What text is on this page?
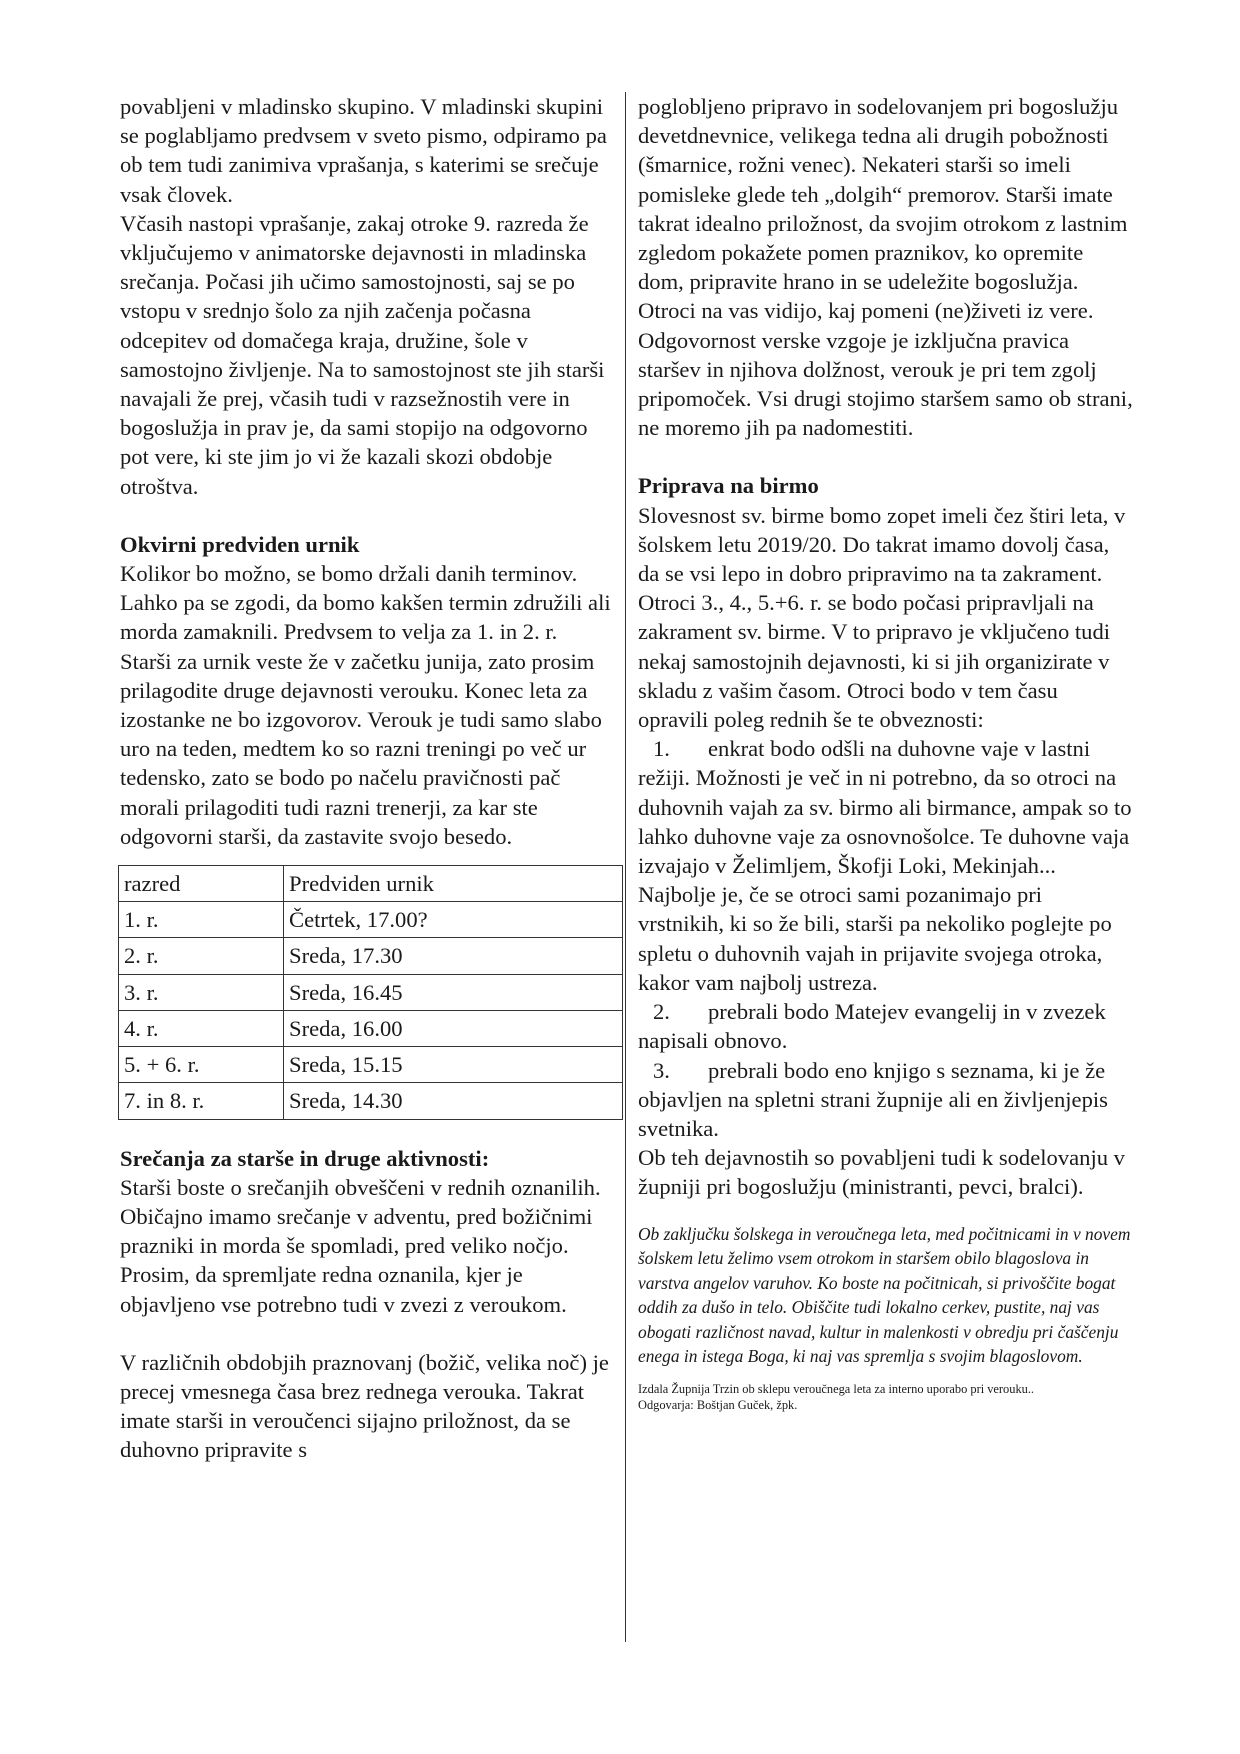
povabljeni v mladinsko skupino. V mladinski skupini se poglabljamo predvsem v sveto pismo, odpiramo pa ob tem tudi zanimiva vprašanja, s katerimi se srečuje vsak človek.

Včasih nastopi vprašanje, zakaj otroke 9. razreda že vključujemo v animatorske dejavnosti in mladinska srečanja. Počasi jih učimo samostojnosti, saj se po vstopu v srednjo šolo za njih začenja počasna odcepitev od domačega kraja, družine, šole v samostojno življenje. Na to samostojnost ste jih starši navajali že prej, včasih tudi v razsežnostih vere in bogoslužja in prav je, da sami stopijo na odgovorno pot vere, ki ste jim jo vi že kazali skozi obdobje otroštva.

Okvirni predviden urnik

Kolikor bo možno, se bomo držali danih terminov. Lahko pa se zgodi, da bomo kakšen termin združili ali morda zamaknili. Predvsem to velja za 1. in 2. r.

Starši za urnik veste že v začetku junija, zato prosim prilagodite druge dejavnosti verouku. Konec leta za izostanke ne bo izgovorov. Verouk je tudi samo slabo uro na teden, medtem ko so razni treningi po več ur tedensko, zato se bodo po načelu pravičnosti pač morali prilagoditi tudi razni trenerji, za kar ste odgovorni starši, da zastavite svojo besedo.

razred	Predviden urnik
1. r.	Četrtek, 17.00?
2. r.	Sreda, 17.30
3. r.	Sreda, 16.45
4. r.	Sreda, 16.00
5. + 6. r.	Sreda, 15.15
7. in 8. r.	Sreda, 14.30
Srečanja za starše in druge aktivnosti:

Starši boste o srečanjih obveščeni v rednih oznanilih. Običajno imamo srečanje v adventu, pred božičnimi prazniki in morda še spomladi, pred veliko nočjo. Prosim, da spremljate redna oznanila, kjer je objavljeno vse potrebno tudi v zvezi z veroukom.

V različnih obdobjih praznovanj (božič, velika noč) je precej vmesnega časa brez rednega verouka. Takrat imate starši in veroučenci sijajno priložnost, da se duhovno pripravite s

poglobljeno pripravo in sodelovanjem pri bogoslužju devetdnevnice, velikega tedna ali drugih pobožnosti (šmarnice, rožni venec). Nekateri starši so imeli pomisleke glede teh „dolgih“ premorov. Starši imate takrat idealno priložnost, da svojim otrokom z lastnim zgledom pokažete pomen praznikov, ko opremite dom, pripravite hrano in se udeležite bogoslužja. Otroci na vas vidijo, kaj pomeni (ne)živeti iz vere. Odgovornost verske vzgoje je izključna pravica staršev in njihova dolžnost, verouk je pri tem zgolj pripomoček. Vsi drugi stojimo staršem samo ob strani, ne moremo jih pa nadomestiti.

Priprava na birmo

Slovesnost sv. birme bomo zopet imeli čez štiri leta, v šolskem letu 2019/20. Do takrat imamo dovolj časa, da se vsi lepo in dobro pripravimo na ta zakrament. Otroci 3., 4., 5.+6. r. se bodo počasi pripravljali na zakrament sv. birme. V to pripravo je vključeno tudi nekaj samostojnih dejavnosti, ki si jih organizirate v skladu z vašim časom. Otroci bodo v tem času opravili poleg rednih še te obveznosti:

1. enkrat bodo odšli na duhovne vaje v lastni režiji. Možnosti je več in ni potrebno, da so otroci na duhovnih vajah za sv. birmo ali birmance, ampak so to lahko duhovne vaje za osnovnošolce. Te duhovne vaja izvajajo v Želimljem, Škofji Loki, Mekinjah... Najbolje je, če se otroci sami pozanimajo pri vrstnikih, ki so že bili, starši pa nekoliko poglejte po spletu o duhovnih vajah in prijavite svojega otroka, kakor vam najbolj ustreza.
2. prebrali bodo Matejev evangelij in v zvezek napisali obnovo.
3. prebrali bodo eno knjigo s seznama, ki je že objavljen na spletni strani župnije ali en življenjepis svetnika.

Ob teh dejavnostih so povabljeni tudi k sodelovanju v župniji pri bogoslužju (ministranti, pevci, bralci).

Ob zaključku šolskega in veroučnega leta, med počitnicami in v novem šolskem letu želimo vsem otrokom in staršem obilo blagoslova in varstva angelov varuhov. Ko boste na počitnicah, si privoščite bogat oddih za dušo in telo. Obiščite tudi lokalno cerkev, pustite, naj vas obogati različnost navad, kultur in malenkosti v obredju pri čaščenju enega in istega Boga, ki naj vas spremlja s svojim blagoslovom.

Izdala Župnija Trzin ob sklepu veroučnega leta za interno uporabo pri verouku..
Odgovarja: Boštjan Guček, žpk.
